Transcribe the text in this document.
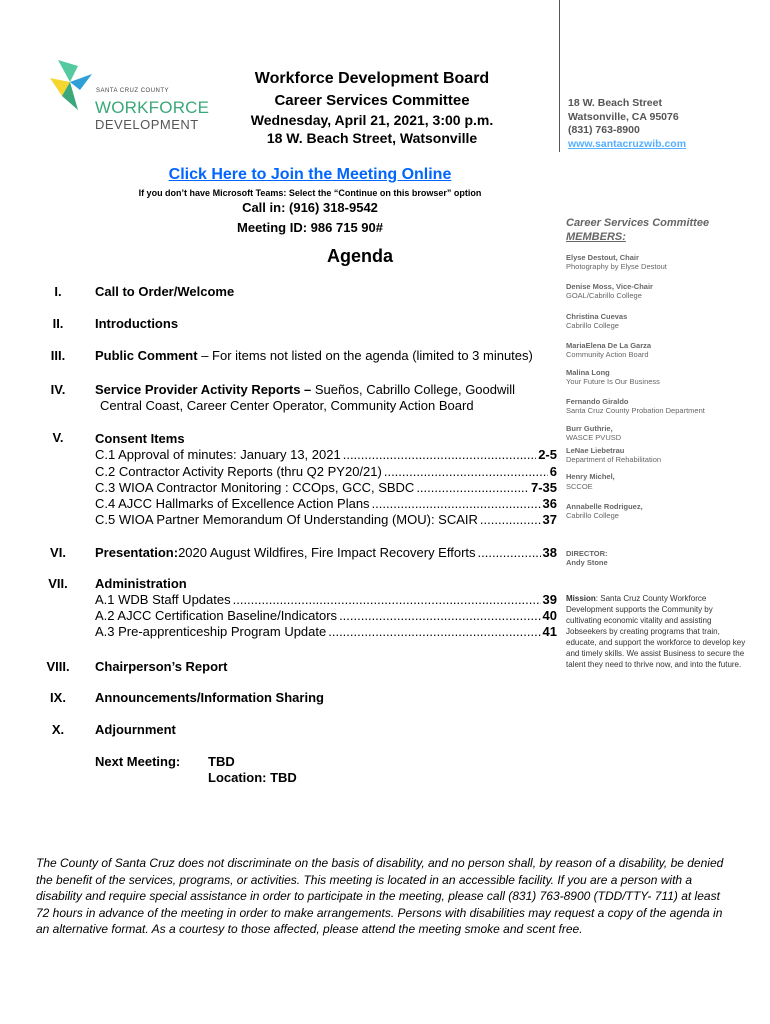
SANTA CRUZ COUNTY
WORKFORCE
DEVELOPMENT
Workforce Development Board
Career Services Committee
Wednesday, April 21, 2021, 3:00 p.m.
18 W. Beach Street, Watsonville
18 W. Beach Street
Watsonville, CA 95076
(831) 763-8900
www.santacruzwib.com
Click Here to Join the Meeting Online
If you don’t have Microsoft Teams: Select the “Continue on this browser” option
Call in: (916) 318-9542
Meeting ID: 986 715 90#
Agenda
I.	Call to Order/Welcome
II.	Introductions
III.	Public Comment – For items not listed on the agenda (limited to 3 minutes)
IV.	Service Provider Activity Reports – Sueños, Cabrillo College, Goodwill
Central Coast, Career Center Operator, Community Action Board
V.	Consent Items
C.1 Approval of minutes: January 13, 2021 .....	2-5
C.2 Contractor Activity Reports (thru Q2 PY20/21) .....	6
C.3 WIOA Contractor Monitoring : CCOps, GCC, SBDC .....	7-35
C.4 AJCC Hallmarks of Excellence Action Plans .....	36
C.5 WIOA Partner Memorandum Of Understanding (MOU): SCAIR .....	37
VI.	Presentation: 2020 August Wildfires, Fire Impact Recovery Efforts .....	38
VII.	Administration
A.1 WDB Staff Updates .....	39
A.2 AJCC Certification Baseline/Indicators .....	40
A.3 Pre-apprenticeship Program Update .....	41
VIII.	Chairperson’s Report
IX.	Announcements/Information Sharing
X.	Adjournment
Next Meeting: TBD
Location: TBD
Career Services Committee
MEMBERS:
Elyse Destout, Chair
Photography by Elyse Destout
Denise Moss, Vice-Chair
GOAL/Cabrillo College
Christina Cuevas
Cabrillo College
MariaElena De La Garza
Community Action Board
Malina Long
Your Future Is Our Business
Fernando Giraldo
Santa Cruz County Probation Department
Burr Guthrie,
WASCE PVUSD
LeNae Liebetrau
Department of Rehabilitation
Henry Michel,
SCCOE
Annabelle Rodriguez,
Cabrillo College
DIRECTOR:
Andy Stone
Mission: Santa Cruz County Workforce Development supports the Community by cultivating economic vitality and assisting Jobseekers by creating programs that train, educate, and support the workforce to develop key and timely skills. We assist Business to secure the talent they need to thrive now, and into the future.
The County of Santa Cruz does not discriminate on the basis of disability, and no person shall, by reason of a disability, be denied the benefit of the services, programs, or activities. This meeting is located in an accessible facility. If you are a person with a disability and require special assistance in order to participate in the meeting, please call (831) 763-8900 (TDD/TTY- 711) at least 72 hours in advance of the meeting in order to make arrangements. Persons with disabilities may request a copy of the agenda in an alternative format. As a courtesy to those affected, please attend the meeting smoke and scent free.
